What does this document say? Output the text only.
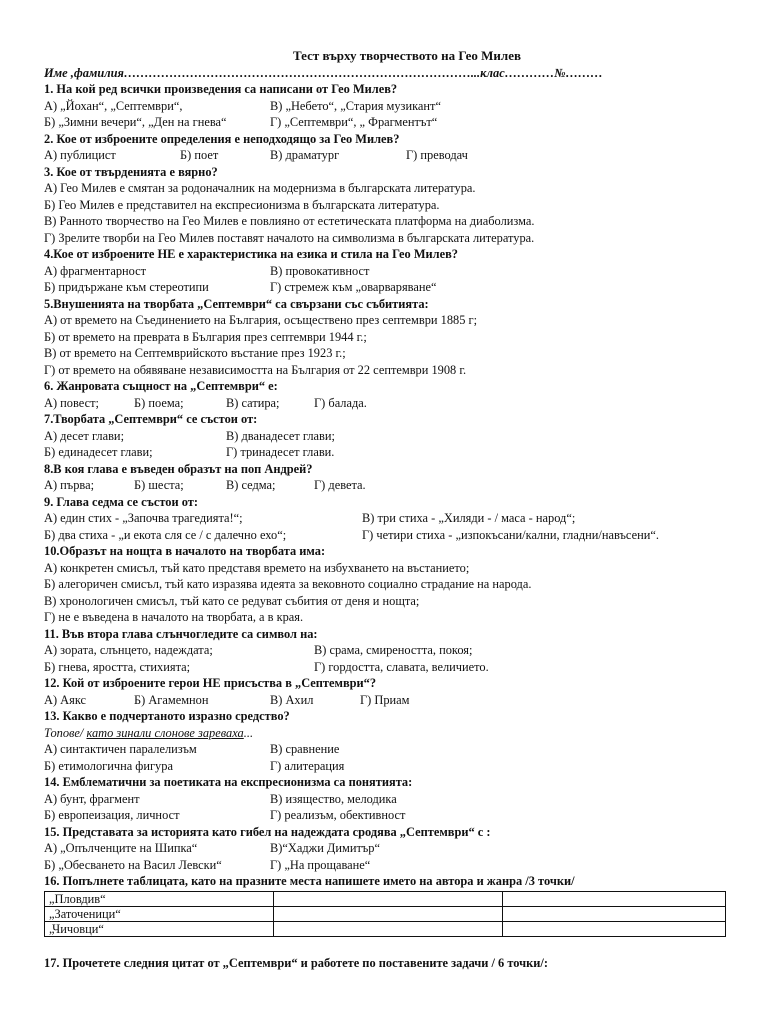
Тест върху творчеството на Гео Милев
Име ,фамилия…………………………………………………………………………...клас…………№………
1. На кой ред всички произведения са написани от Гео Милев?
А) „Йохан“, „Септември“,	В) „Небето“, „Стария музикант“
Б) „Зимни вечери“, „Ден на гнева“	Г) „Септември“, „ Фрагментът“
2. Кое от изброените определения е неподходящо за Гео Милев?
А) публицист	Б) поет	В) драматург	Г) преводач
3. Кое от твърденията е вярно?
А) Гео Милев е смятан за родоначалник на модернизма в българската литература.
Б) Гео Милев е представител на експресионизма в българската литература.
В) Ранното творчество на Гео Милев е повлияно от естетическата платформа на диаболизма.
Г) Зрелите творби на Гео Милев поставят началото на символизма в българската литература.
4.Кое от изброените НЕ е характеристика на езика и стила на Гео Милев?
А) фрагментарност	В) провокативност
Б) придържане към стереотипи	Г) стремеж към „оварваряване“
5.Внушенията на творбата „Септември“ са свързани със събитията:
А) от времето на Съединението на България, осъществено през септември 1885 г;
Б) от времето на превратa в България през септември 1944 г.;
В) от времето на Септемврийското въстание през 1923 г.;
Г) от времето на обявяване независимостта на България от 22 септември 1908 г.
6. Жанровата същност на „Септември“ е:
А) повест;	Б) поема;	В) сатира;	Г) балада.
7.Творбата „Септември“ се състои от:
А) десет глави;	В) дванадесет глави;
Б) единадесет глави;	Г) тринадесет глави.
8.В коя глава е въведен образът на поп Андрей?
А) първа;	Б) шеста;	В) седма;	Г) девета.
9. Глава седма се състои от:
А) един стих - „Започва трагедията!“;	В) три стиха - „Хиляди - / маса - народ“;
Б) два стиха - „и екота сля се / с далечно ехо“;	Г) четири стиха - „изпокъсани/кални, гладни/навъсени“.
10.Образът на нощта в началото на творбата има:
А) конкретен смисъл, тъй като представя времето на избухването на въстанието;
Б) алегоричен смисъл, тъй като изразява идеята за вековното социално страдание на народа.
В) хронологичен смисъл, тъй като се редуват събития от деня и нощта;
Г) не е въведена в началото на творбата, а в края.
11. Във втора глава слънчогледите са символ на:
А) зората, слънцето, надеждата;	В) срама, смиреността, покоя;
Б) гнева, яростта, стихията;	Г) гордостта, славата, величието.
12. Кой от изброените герои НЕ присъства в „Септември“?
А) Аякс	Б) Агамемнон	В) Ахил	Г) Приам
13. Какво е подчертаното изразно средство?
Топове/ като зинали слонове зареваха...
А) синтактичен паралелизъм	В) сравнение
Б) етимологична фигура	Г) алитерация
14. Емблематични за поетиката на експресионизма са понятията:
А) бунт, фрагмент	В) изящество, мелодика
Б) европеизация, личност	Г) реализъм, обективност
15. Представата за историята като гибел на надеждата сродява „Септември“ с :
А) „Опълченците на Шипка“	В)“Хаджи Димитър“
Б) „Обесването на Васил Левски“	Г) „На прощаване“
16. Попълнете таблицата, като на празните места напишете името на автора и жанра /3 точки/
„Пловдив“		
„Заточеници“		
„Чичовци“		
17. Прочетете следния цитат от „Септември“ и работете по поставените задачи / 6 точки/:
